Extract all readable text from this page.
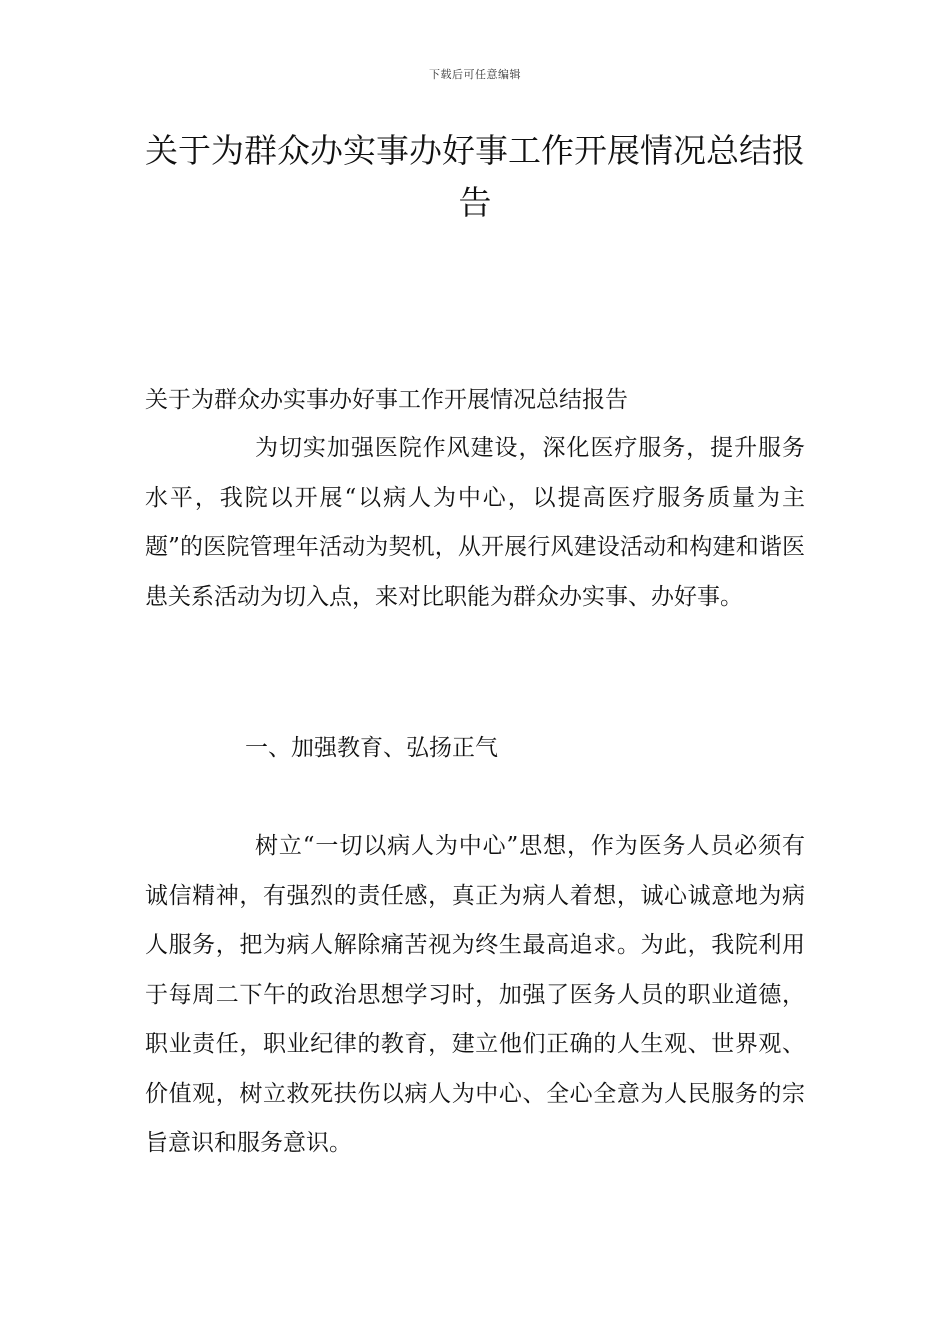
下载后可任意编辑
关于为群众办实事办好事工作开展情况总结报告

关于为群众办实事办好事工作开展情况总结报告

为切实加强医院作风建设，深化医疗服务，提升服务水平，我院以开展“以病人为中心，以提高医疗服务质量为主题”的医院管理年活动为契机，从开展行风建设活动和构建和谐医患关系活动为切入点，来对比职能为群众办实事、办好事。

一、加强教育、弘扬正气

树立“一切以病人为中心”思想，作为医务人员必须有诚信精神，有强烈的责任感，真正为病人着想，诚心诚意地为病人服务，把为病人解除痛苦视为终生最高追求。为此，我院利用于每周二下午的政治思想学习时，加强了医务人员的职业道德，职业责任，职业纪律的教育，建立他们正确的人生观、世界观、价值观，树立救死扶伤以病人为中心、全心全意为人民服务的宗旨意识和服务意识。
